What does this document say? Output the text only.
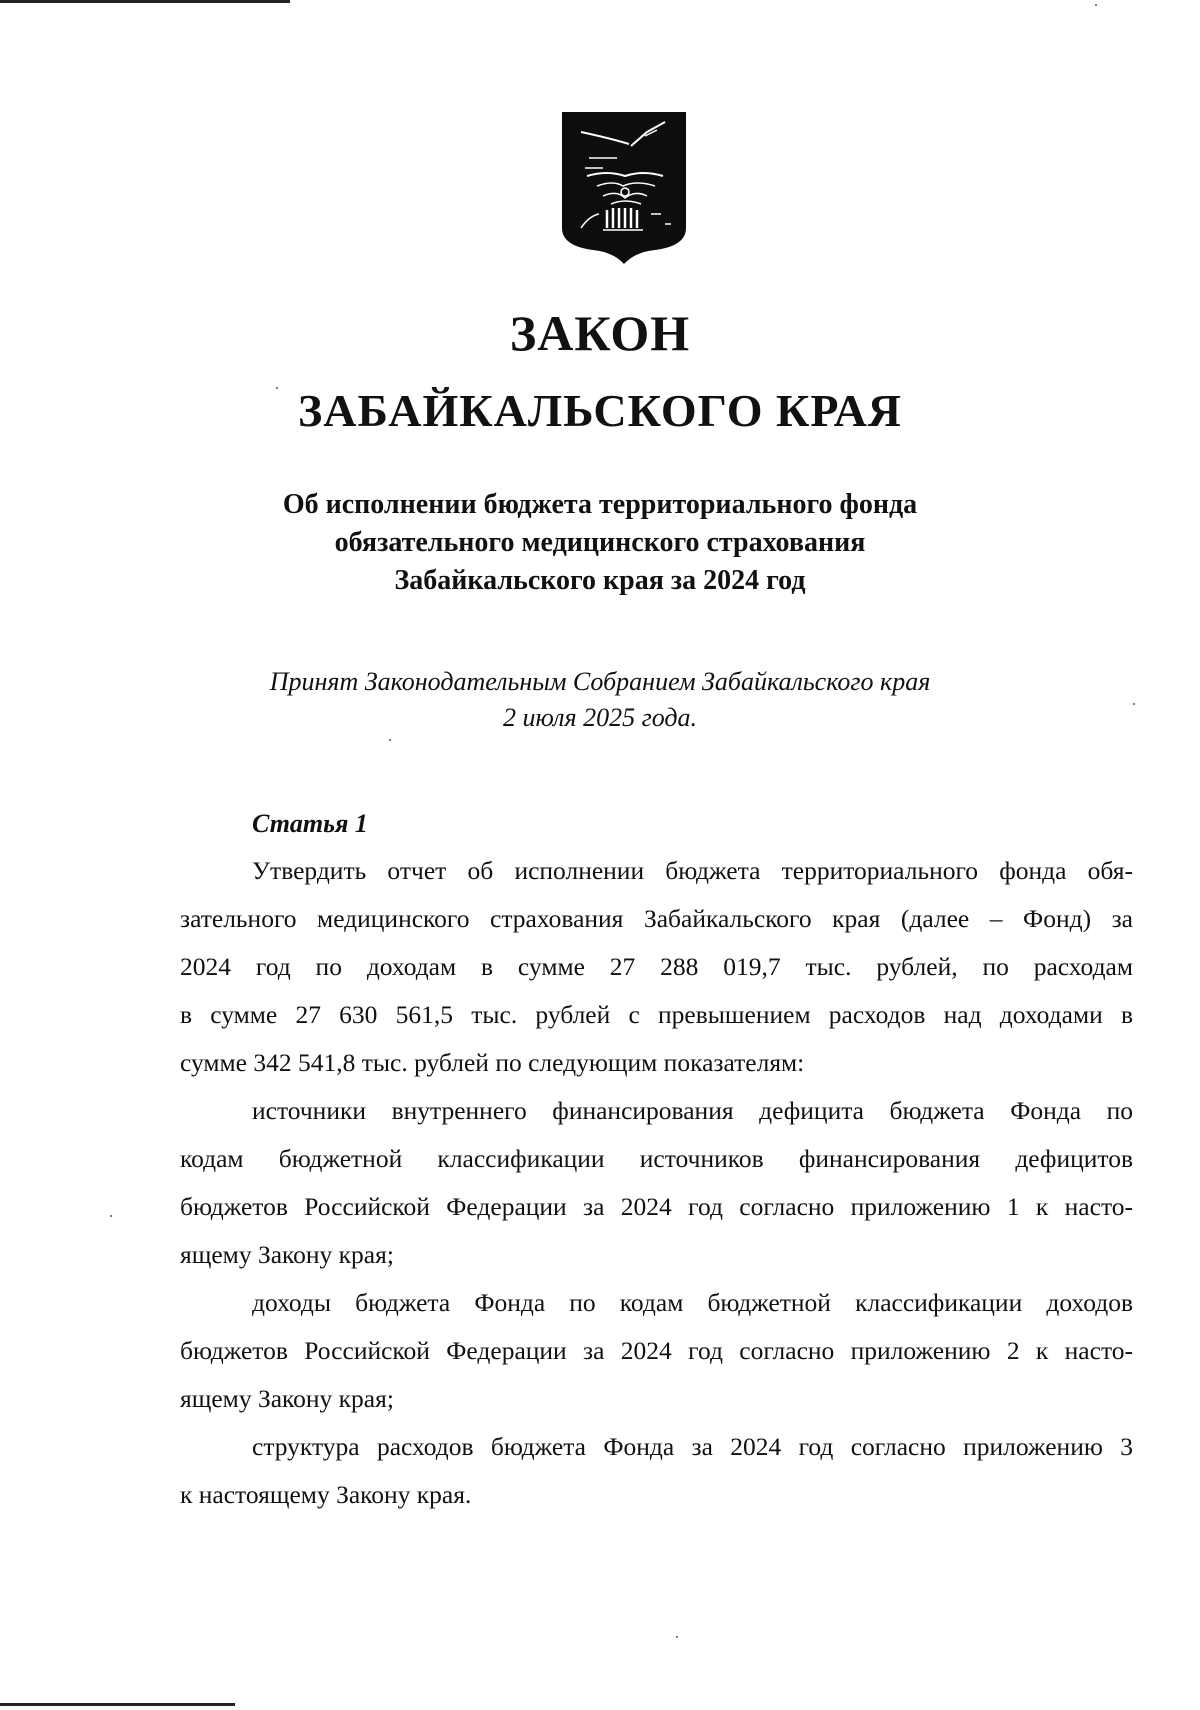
ЗАКОН
ЗАБАЙКАЛЬСКОГО КРАЯ
Об исполнении бюджета территориального фонда
обязательного медицинского страхования
Забайкальского края за 2024 год
Принят Законодательным Собранием Забайкальского края
2 июля 2025 года.
Статья 1
Утвердить отчет об исполнении бюджета территориального фонда обя-
зательного медицинского страхования Забайкальского края (далее – Фонд) за
2024 год по доходам в сумме 27 288 019,7 тыс. рублей, по расходам
в сумме 27 630 561,5 тыс. рублей с превышением расходов над доходами в
сумме 342 541,8 тыс. рублей по следующим показателям:
источники внутреннего финансирования дефицита бюджета Фонда по
кодам бюджетной классификации источников финансирования дефицитов
бюджетов Российской Федерации за 2024 год согласно приложению 1 к насто-
ящему Закону края;
доходы бюджета Фонда по кодам бюджетной классификации доходов
бюджетов Российской Федерации за 2024 год согласно приложению 2 к насто-
ящему Закону края;
структура расходов бюджета Фонда за 2024 год согласно приложению 3
к настоящему Закону края.
